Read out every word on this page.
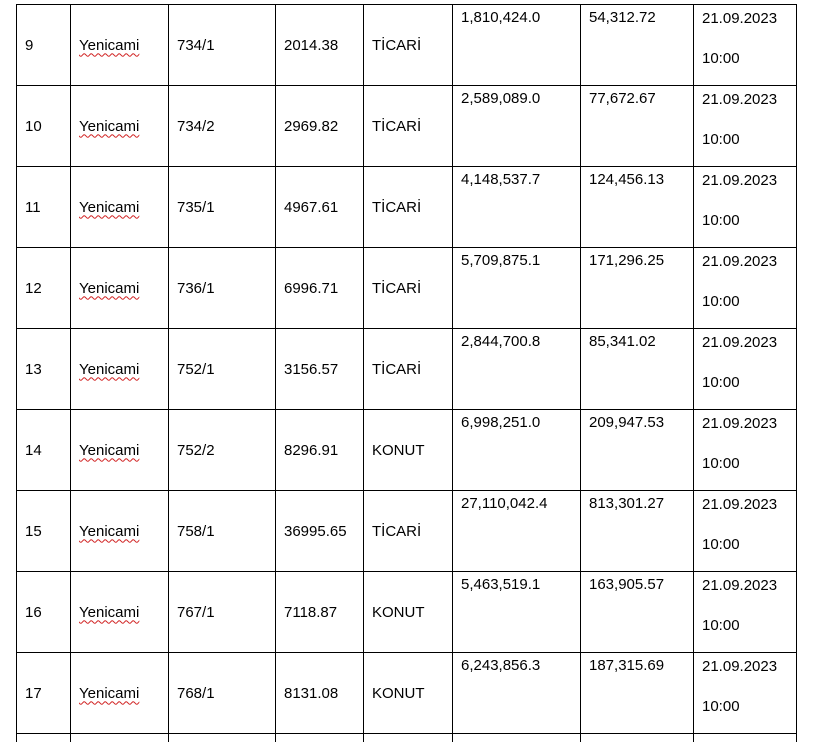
9	Yenicami	734/1	2014.38	TİCARİ	1,810,424.0	54,312.72	21.09.2023
10:00

10	Yenicami	734/2	2969.82	TİCARİ	2,589,089.0	77,672.67	21.09.2023
10:00

11	Yenicami	735/1	4967.61	TİCARİ	4,148,537.7	124,456.13	21.09.2023
10:00

12	Yenicami	736/1	6996.71	TİCARİ	5,709,875.1	171,296.25	21.09.2023
10:00

13	Yenicami	752/1	3156.57	TİCARİ	2,844,700.8	85,341.02	21.09.2023
10:00

14	Yenicami	752/2	8296.91	KONUT	6,998,251.0	209,947.53	21.09.2023
10:00

15	Yenicami	758/1	36995.65	TİCARİ	27,110,042.4	813,301.27	21.09.2023
10:00

16	Yenicami	767/1	7118.87	KONUT	5,463,519.1	163,905.57	21.09.2023
10:00

17	Yenicami	768/1	8131.08	KONUT	6,243,856.3	187,315.69	21.09.2023
10:00
